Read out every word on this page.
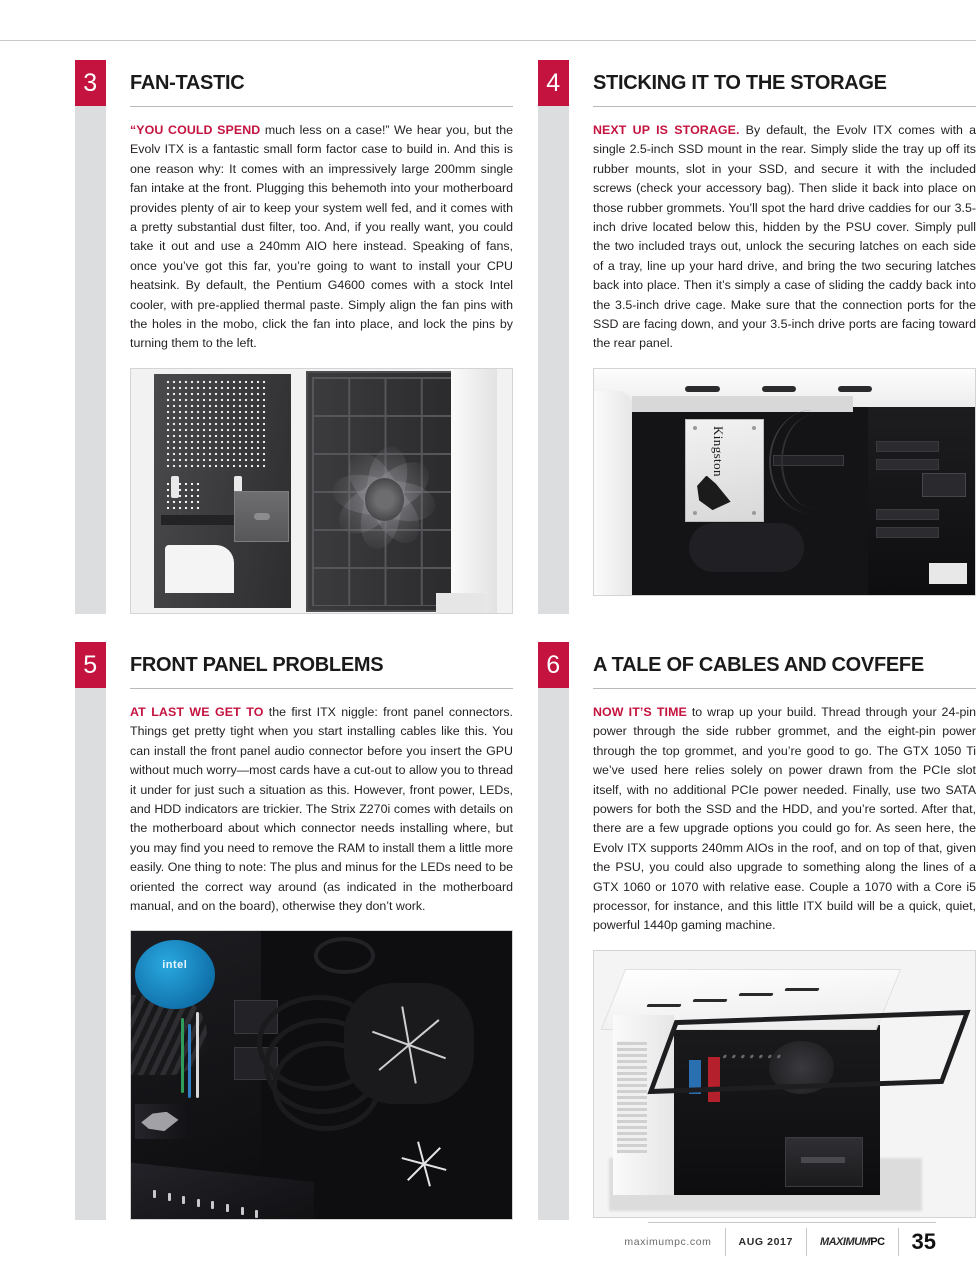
3	FAN-TASTIC

“YOU COULD SPEND much less on a case!” We hear you, but the Evolv ITX is a fantastic small form factor case to build in. And this is one reason why: It comes with an impressively large 200mm single fan intake at the front. Plugging this behemoth into your motherboard provides plenty of air to keep your system well fed, and it comes with a pretty substantial dust filter, too. And, if you really want, you could take it out and use a 240mm AIO here instead. Speaking of fans, once you’ve got this far, you’re going to want to install your CPU heatsink. By default, the Pentium G4600 comes with a stock Intel cooler, with pre-applied thermal paste. Simply align the fan pins with the holes in the mobo, click the fan into place, and lock the pins by turning them to the left.

4	STICKING IT TO THE STORAGE

NEXT UP IS STORAGE. By default, the Evolv ITX comes with a single 2.5-inch SSD mount in the rear. Simply slide the tray up off its rubber mounts, slot in your SSD, and secure it with the included screws (check your accessory bag). Then slide it back into place on those rubber grommets. You’ll spot the hard drive caddies for our 3.5-inch drive located below this, hidden by the PSU cover. Simply pull the two included trays out, unlock the securing latches on each side of a tray, line up your hard drive, and bring the two securing latches back into place. Then it’s simply a case of sliding the caddy back into the 3.5-inch drive cage. Make sure that the connection ports for the SSD are facing down, and your 3.5-inch drive ports are facing toward the rear panel.

Kingston
5	FRONT PANEL PROBLEMS

AT LAST WE GET TO the first ITX niggle: front panel connectors. Things get pretty tight when you start installing cables like this. You can install the front panel audio connector before you insert the GPU without much worry—most cards have a cut-out to allow you to thread it under for just such a situation as this. However, front power, LEDs, and HDD indicators are trickier. The Strix Z270i comes with details on the motherboard about which connector needs installing where, but you may find you need to remove the RAM to install them a little more easily. One thing to note: The plus and minus for the LEDs need to be oriented the correct way around (as indicated in the motherboard manual, and on the board), otherwise they don’t work.

intel
6	A TALE OF CABLES AND COVFEFE

NOW IT’S TIME to wrap up your build. Thread through your 24-pin power through the side rubber grommet, and the eight-pin power through the top grommet, and you’re good to go. The GTX 1050 Ti we’ve used here relies solely on power drawn from the PCIe slot itself, with no additional PCIe power needed. Finally, use two SATA powers for both the SSD and the HDD, and you’re sorted. After that, there are a few upgrade options you could go for. As seen here, the Evolv ITX supports 240mm AIOs in the roof, and on top of that, given the PSU, you could also upgrade to something along the lines of a GTX 1060 or 1070 with relative ease. Couple a 1070 with a Core i5 processor, for instance, and this little ITX build will be a quick, quiet, powerful 1440p gaming machine.

maximumpc.com	AUG 2017	MAXIMUMPC	35
